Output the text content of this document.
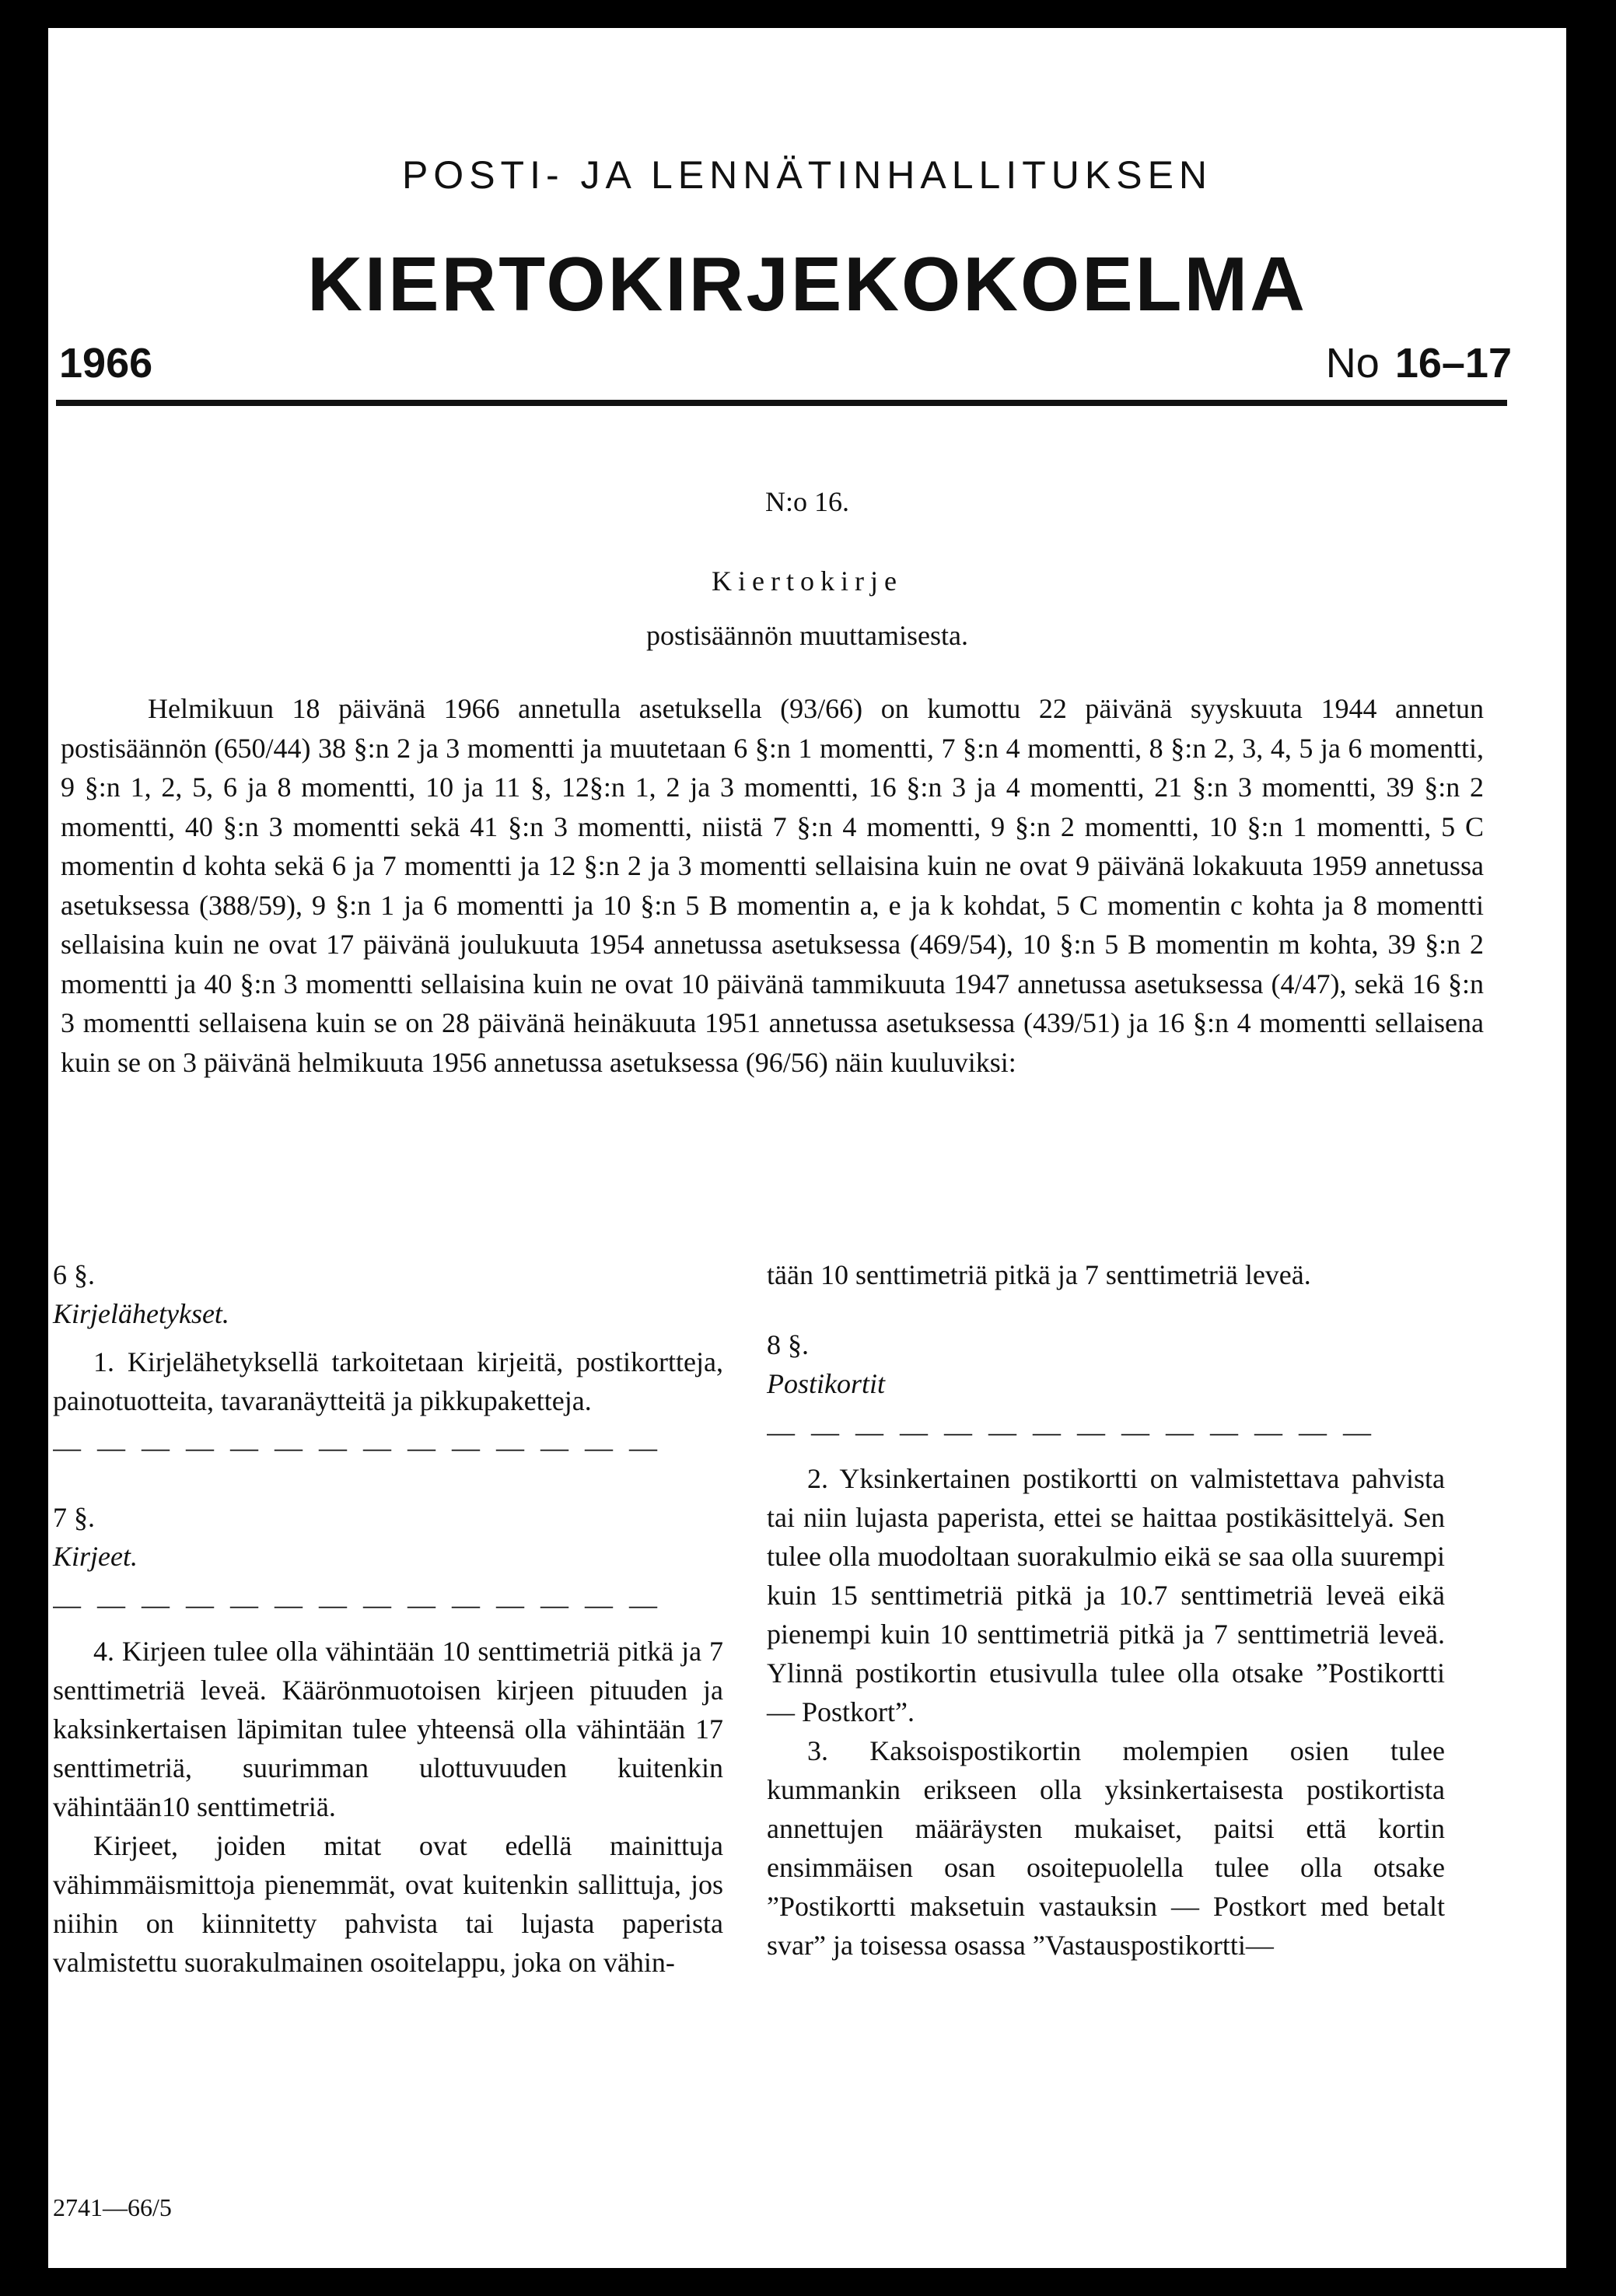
POSTI- JA LENNÄTINHALLITUKSEN
KIERTOKIRJEKOKOELMA
1966	No 16–17
N:o 16.
Kiertokirje
postisäännön muuttamisesta.

Helmikuun 18 päivänä 1966 annetulla asetuksella (93/66) on kumottu 22 päivänä syyskuuta 1944 annetun postisäännön (650/44) 38 §:n 2 ja 3 momentti ja muutetaan 6 §:n 1 momentti, 7 §:n 4 momentti, 8 §:n 2, 3, 4, 5 ja 6 momentti, 9 §:n 1, 2, 5, 6 ja 8 momentti, 10 ja 11 §, 12§:n 1, 2 ja 3 momentti, 16 §:n 3 ja 4 momentti, 21 §:n 3 momentti, 39 §:n 2 momentti, 40 §:n 3 momentti sekä 41 §:n 3 momentti, niistä 7 §:n 4 momentti, 9 §:n 2 momentti, 10 §:n 1 momentti, 5 C momentin d kohta sekä 6 ja 7 momentti ja 12 §:n 2 ja 3 momentti sellaisina kuin ne ovat 9 päivänä lokakuuta 1959 annetussa asetuksessa (388/59), 9 §:n 1 ja 6 momentti ja 10 §:n 5 B momentin a, e ja k kohdat, 5 C momentin c kohta ja 8 momentti sellaisina kuin ne ovat 17 päivänä joulukuuta 1954 annetussa asetuksessa (469/54), 10 §:n 5 B momentin m kohta, 39 §:n 2 momentti ja 40 §:n 3 momentti sellaisina kuin ne ovat 10 päivänä tammikuuta 1947 annetussa asetuksessa (4/47), sekä 16 §:n 3 momentti sellaisena kuin se on 28 päivänä heinäkuuta 1951 annetussa asetuksessa (439/51) ja 16 §:n 4 momentti sellaisena kuin se on 3 päivänä helmikuuta 1956 annetussa asetuksessa (96/56) näin kuuluviksi:

6 §.

Kirjelähetykset.

1. Kirjelähetyksellä tarkoitetaan kirjeitä, postikortteja, painotuotteita, tavaranäytteitä ja pikkupaketteja.

— — — — — — — — — — — — — —

7 §.

Kirjeet.

— — — — — — — — — — — — — —

4. Kirjeen tulee olla vähintään 10 senttimetriä pitkä ja 7 senttimetriä leveä. Käärönmuotoisen kirjeen pituuden ja kaksinkertaisen läpimitan tulee yhteensä olla vähintään 17 senttimetriä, suurimman ulottuvuuden kuitenkin vähintään10 senttimetriä.

Kirjeet, joiden mitat ovat edellä mainittuja vähimmäismittoja pienemmät, ovat kuitenkin sallittuja, jos niihin on kiinnitetty pahvista tai lujasta paperista valmistettu suorakulmainen osoitelappu, joka on vähin-

tään 10 senttimetriä pitkä ja 7 senttimetriä leveä.

8 §.

Postikortit

— — — — — — — — — — — — — —

2. Yksinkertainen postikortti on valmistettava pahvista tai niin lujasta paperista, ettei se haittaa postikäsittelyä. Sen tulee olla muodoltaan suorakulmio eikä se saa olla suurempi kuin 15 senttimetriä pitkä ja 10.7 senttimetriä leveä eikä pienempi kuin 10 senttimetriä pitkä ja 7 senttimetriä leveä. Ylinnä postikortin etusivulla tulee olla otsake ”Postikortti — Postkort”.

3. Kaksoispostikortin molempien osien tulee kummankin erikseen olla yksinkertaisesta postikortista annettujen määräysten mukaiset, paitsi että kortin ensimmäisen osan osoitepuolella tulee olla otsake ”Postikortti maksetuin vastauksin — Postkort med betalt svar” ja toisessa osassa ”Vastauspostikortti—

2741—66/5
